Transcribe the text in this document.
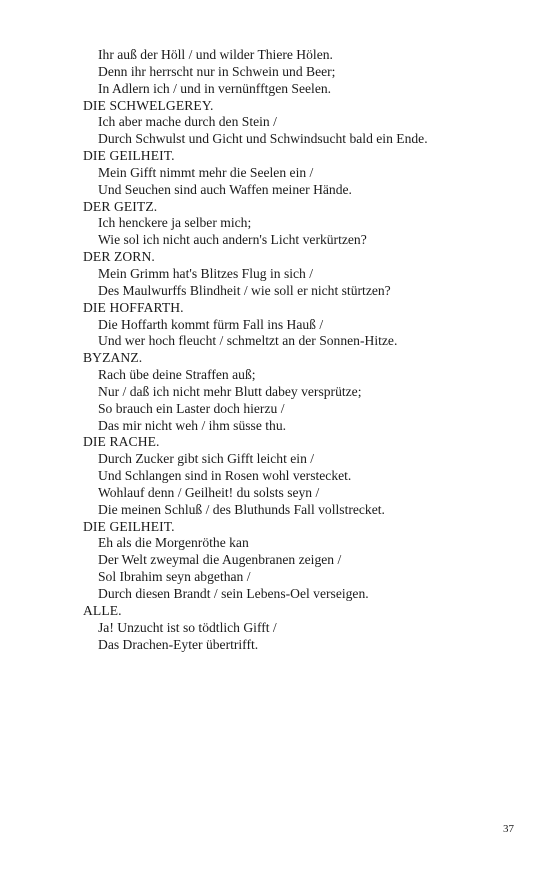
Ihr auß der Höll / und wilder Thiere Hölen.
Denn ihr herrscht nur in Schwein und Beer;
In Adlern ich / und in vernünfftgen Seelen.
DIE SCHWELGEREY.
Ich aber mache durch den Stein /
Durch Schwulst und Gicht und Schwindsucht bald ein Ende.
DIE GEILHEIT.
Mein Gifft nimmt mehr die Seelen ein /
Und Seuchen sind auch Waffen meiner Hände.
DER GEITZ.
Ich henckere ja selber mich;
Wie sol ich nicht auch andern's Licht verkürtzen?
DER ZORN.
Mein Grimm hat's Blitzes Flug in sich /
Des Maulwurffs Blindheit / wie soll er nicht stürtzen?
DIE HOFFARTH.
Die Hoffarth kommt fürm Fall ins Hauß /
Und wer hoch fleucht / schmeltzt an der Sonnen-Hitze.
BYZANZ.
Rach übe deine Straffen auß;
Nur / daß ich nicht mehr Blutt dabey versprütze;
So brauch ein Laster doch hierzu /
Das mir nicht weh / ihm süsse thu.
DIE RACHE.
Durch Zucker gibt sich Gifft leicht ein /
Und Schlangen sind in Rosen wohl verstecket.
Wohlauf denn / Geilheit! du solsts seyn /
Die meinen Schluß / des Bluthunds Fall vollstrecket.
DIE GEILHEIT.
Eh als die Morgenröthe kan
Der Welt zweymal die Augenbranen zeigen /
Sol Ibrahim seyn abgethan /
Durch diesen Brandt / sein Lebens-Oel verseigen.
ALLE.
Ja! Unzucht ist so tödtlich Gifft /
Das Drachen-Eyter übertrifft.
37
